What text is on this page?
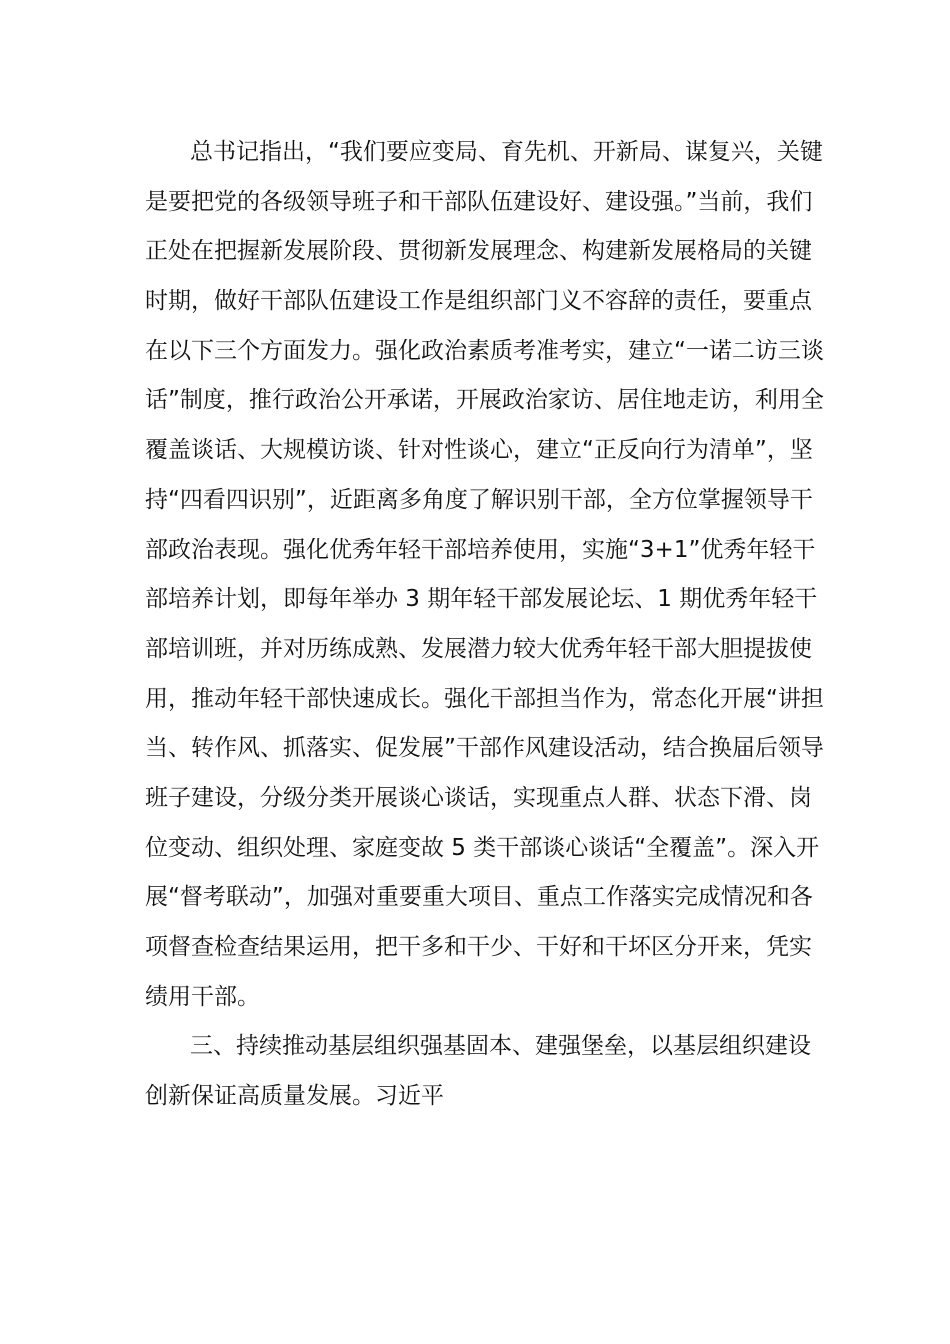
总书记指出，“我们要应变局、育先机、开新局、谋复兴，关键
是要把党的各级领导班子和干部队伍建设好、建设强。”当前，我们
正处在把握新发展阶段、贯彻新发展理念、构建新发展格局的关键
时期，做好干部队伍建设工作是组织部门义不容辞的责任，要重点
在以下三个方面发力。强化政治素质考准考实，建立“一诺二访三谈
话”制度，推行政治公开承诺，开展政治家访、居住地走访，利用全
覆盖谈话、大规模访谈、针对性谈心，建立“正反向行为清单”，坚
持“四看四识别”，近距离多角度了解识别干部，全方位掌握领导干
部政治表现。强化优秀年轻干部培养使用，实施“3+1”优秀年轻干
部培养计划，即每年举办 3 期年轻干部发展论坛、1 期优秀年轻干
部培训班，并对历练成熟、发展潜力较大优秀年轻干部大胆提拔使
用，推动年轻干部快速成长。强化干部担当作为，常态化开展“讲担
当、转作风、抓落实、促发展”干部作风建设活动，结合换届后领导
班子建设，分级分类开展谈心谈话，实现重点人群、状态下滑、岗
位变动、组织处理、家庭变故 5 类干部谈心谈话“全覆盖”。深入开
展“督考联动”，加强对重要重大项目、重点工作落实完成情况和各
项督查检查结果运用，把干多和干少、干好和干坏区分开来，凭实
绩用干部。
三、持续推动基层组织强基固本、建强堡垒，以基层组织建设
创新保证高质量发展。习近平
